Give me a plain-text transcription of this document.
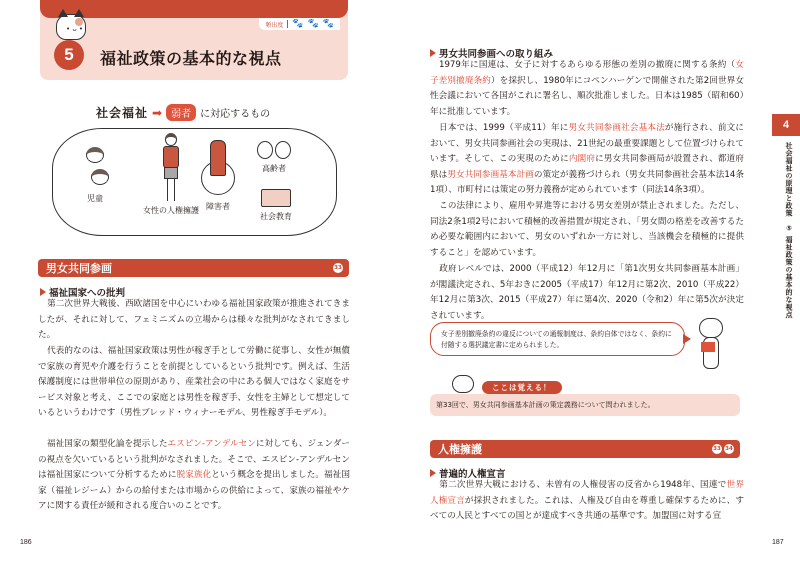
頻出度 🐾 🐾 🐾
• ᴗ •
5	福祉政策の基本的な視点
社会福祉 ➡ 弱者 に対応するもの
児童
女性の人権擁護 障害者
高齢者
社会教育
男女共同参画	33
福祉国家への批判

第二次世界大戦後、西欧諸国を中心にいわゆる福祉国家政策が推進されてきましたが、それに対して、フェミニズムの立場からは様々な批判がなされてきました。

代表的なのは、福祉国家政策は男性が稼ぎ手として労働に従事し、女性が無償で家族の育児や介護を行うことを前提としているという批判です。例えば、生活保護制度には世帯単位の原則があり、産業社会の中にある個人ではなく家庭をサービス対象と考え、ここでの家庭とは男性を稼ぎ手、女性を主婦として想定しているというわけです（男性ブレッド・ウィナーモデル、男性稼ぎ手モデル）。

福祉国家の類型化論を提示したエスピン-アンデルセンに対しても、ジェンダーの視点を欠いているという批判がなされました。そこで、エスピン-アンデルセンは福祉国家について分析するために脱家族化という概念を提出しました。福祉国家（福祉レジーム）からの給付または市場からの供給によって、家族の福祉やケアに関する責任が緩和される度合いのことです。

186
男女共同参画への取り組み

1979年に国連は、女子に対するあらゆる形態の差別の撤廃に関する条約（女子差別撤廃条約）を採択し、1980年にコペンハーゲンで開催された第2回世界女性会議において各国がこれに署名し、順次批准しました。日本は1985（昭和60）年に批准しています。

日本では、1999（平成11）年に男女共同参画社会基本法が施行され、前文において、男女共同参画社会の実現は、21世紀の最重要課題として位置づけられています。そして、この実現のために内閣府に男女共同参画局が設置され、都道府県は男女共同参画基本計画の策定が義務づけられ（男女共同参画社会基本法14条1項）、市町村には策定の努力義務が定められています（同法14条3項）。

この法律により、雇用や昇進等における男女差別が禁止されました。ただし、同法2条1項2号において積極的改善措置が規定され、「男女間の格差を改善するため必要な範囲内において、男女のいずれか一方に対し、当該機会を積極的に提供すること」を認めています。

政府レベルでは、2000（平成12）年12月に「第1次男女共同参画基本計画」が閣議決定され、5年おきに2005（平成17）年12月に第2次、2010（平成22）年12月に第3次、2015（平成27）年に第4次、2020（令和2）年に第5次が決定されています。

女子差別撤廃条約の違反についての通報制度は、条約自体ではなく、条約に付随する選択議定書に定められました。
ここは覚える！
第33回で、男女共同参画基本計画の策定義務について問われました。
人権擁護	33 34
普遍的人権宣言

第二次世界大戦における、未曽有の人権侵害の反省から1948年、国連で世界人権宣言が採択されました。これは、人権及び自由を尊重し確保するために、すべての人民とすべての国とが達成すべき共通の基準です。加盟国に対する宣

4
社会福祉の原理と政策　⑤ 福祉政策の基本的な視点
187
